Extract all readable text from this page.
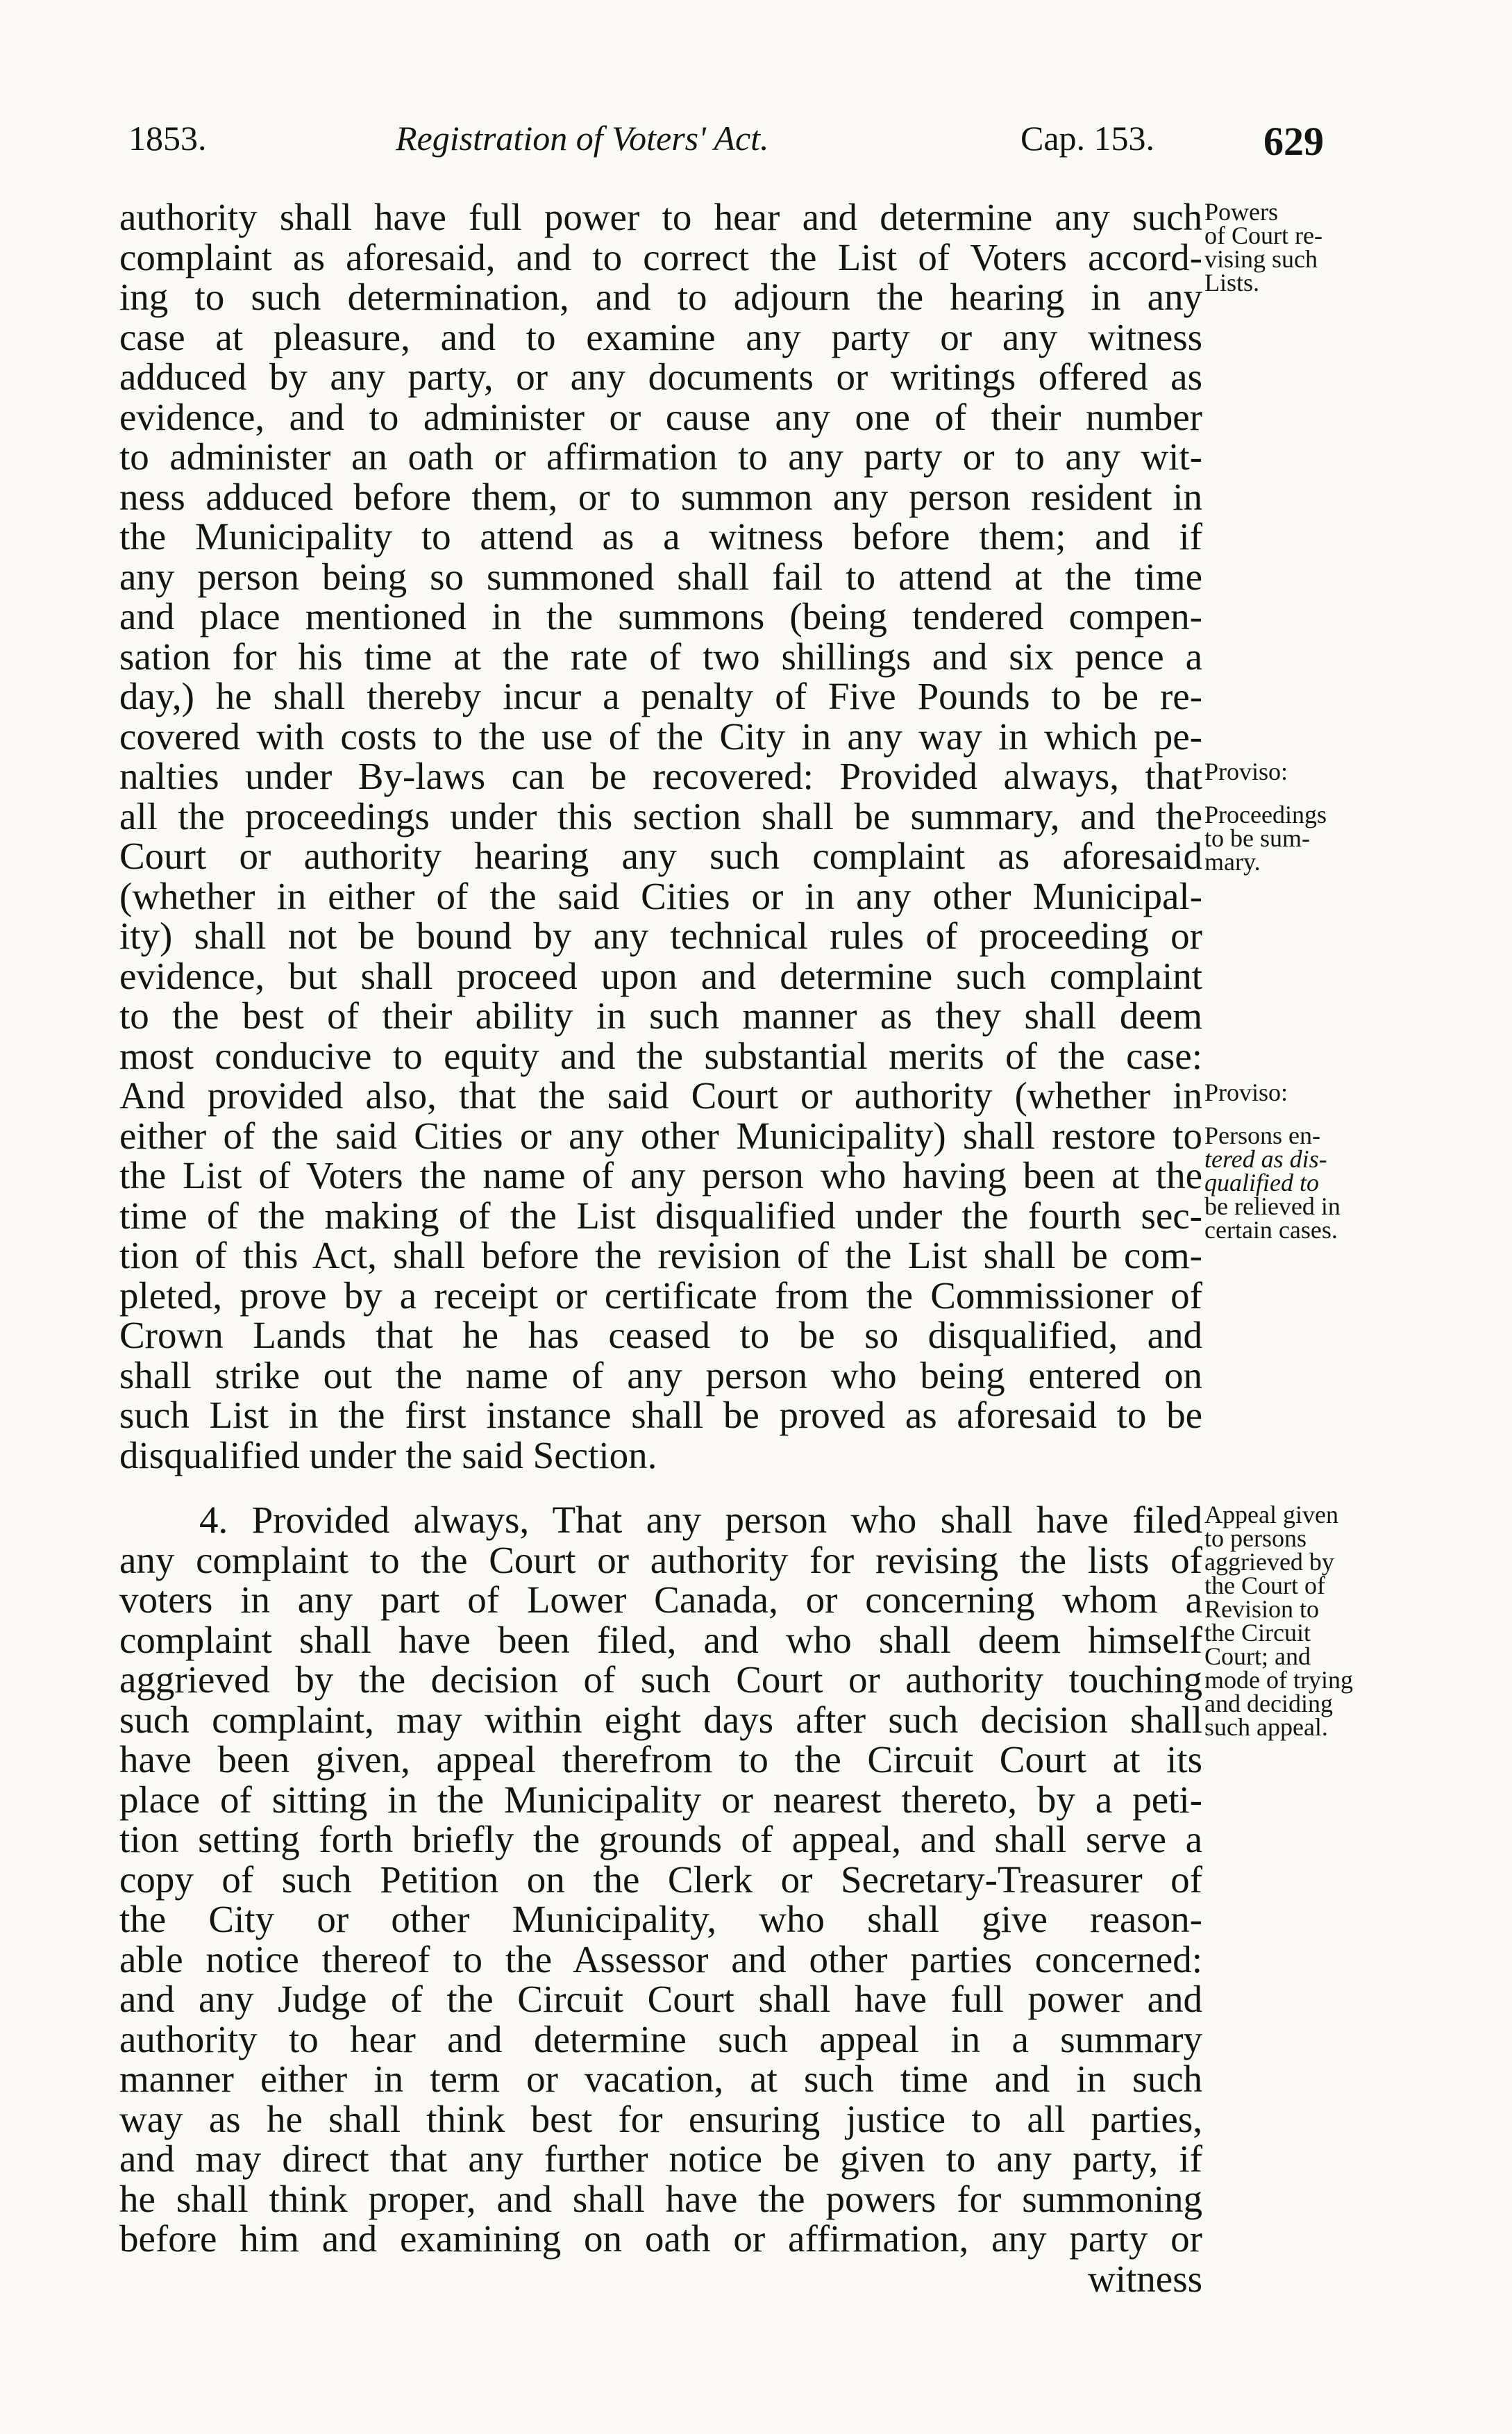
1853.	Registration of Voters' Act.	Cap. 153.	629
authority shall have full power to hear and determine any such
complaint as aforesaid, and to correct the List of Voters accord-
ing to such determination, and to adjourn the hearing in any
case at pleasure, and to examine any party or any witness
adduced by any party, or any documents or writings offered as
evidence, and to administer or cause any one of their number
to administer an oath or affirmation to any party or to any wit-
ness adduced before them, or to summon any person resident in
the Municipality to attend as a witness before them; and if
any person being so summoned shall fail to attend at the time
and place mentioned in the summons (being tendered compen-
sation for his time at the rate of two shillings and six pence a
day,) he shall thereby incur a penalty of Five Pounds to be re-
covered with costs to the use of the City in any way in which pe-
nalties under By-laws can be recovered: Provided always, that
all the proceedings under this section shall be summary, and the
Court or authority hearing any such complaint as aforesaid
(whether in either of the said Cities or in any other Municipal-
ity) shall not be bound by any technical rules of proceeding or
evidence, but shall proceed upon and determine such complaint
to the best of their ability in such manner as they shall deem
most conducive to equity and the substantial merits of the case:
And provided also, that the said Court or authority (whether in
either of the said Cities or any other Municipality) shall restore to
the List of Voters the name of any person who having been at the
time of the making of the List disqualified under the fourth sec-
tion of this Act, shall before the revision of the List shall be com-
pleted, prove by a receipt or certificate from the Commissioner of
Crown Lands that he has ceased to be so disqualified, and
shall strike out the name of any person who being entered on
such List in the first instance shall be proved as aforesaid to be
disqualified under the said Section.
4. Provided always, That any person who shall have filed
any complaint to the Court or authority for revising the lists of
voters in any part of Lower Canada, or concerning whom a
complaint shall have been filed, and who shall deem himself
aggrieved by the decision of such Court or authority touching
such complaint, may within eight days after such decision shall
have been given, appeal therefrom to the Circuit Court at its
place of sitting in the Municipality or nearest thereto, by a peti-
tion setting forth briefly the grounds of appeal, and shall serve a
copy of such Petition on the Clerk or Secretary-Treasurer of
the City or other Municipality, who shall give reason-
able notice thereof to the Assessor and other parties concerned:
and any Judge of the Circuit Court shall have full power and
authority to hear and determine such appeal in a summary
manner either in term or vacation, at such time and in such
way as he shall think best for ensuring justice to all parties,
and may direct that any further notice be given to any party, if
he shall think proper, and shall have the powers for summoning
before him and examining on oath or affirmation, any party or
witness
Powers
of Court re-
vising such
Lists.
Proviso:
Proceedings
to be sum-
mary.
Proviso:
Persons en-
tered as dis-
qualified to
be relieved in
certain cases.
Appeal given
to persons
aggrieved by
the Court of
Revision to
the Circuit
Court; and
mode of trying
and deciding
such appeal.
